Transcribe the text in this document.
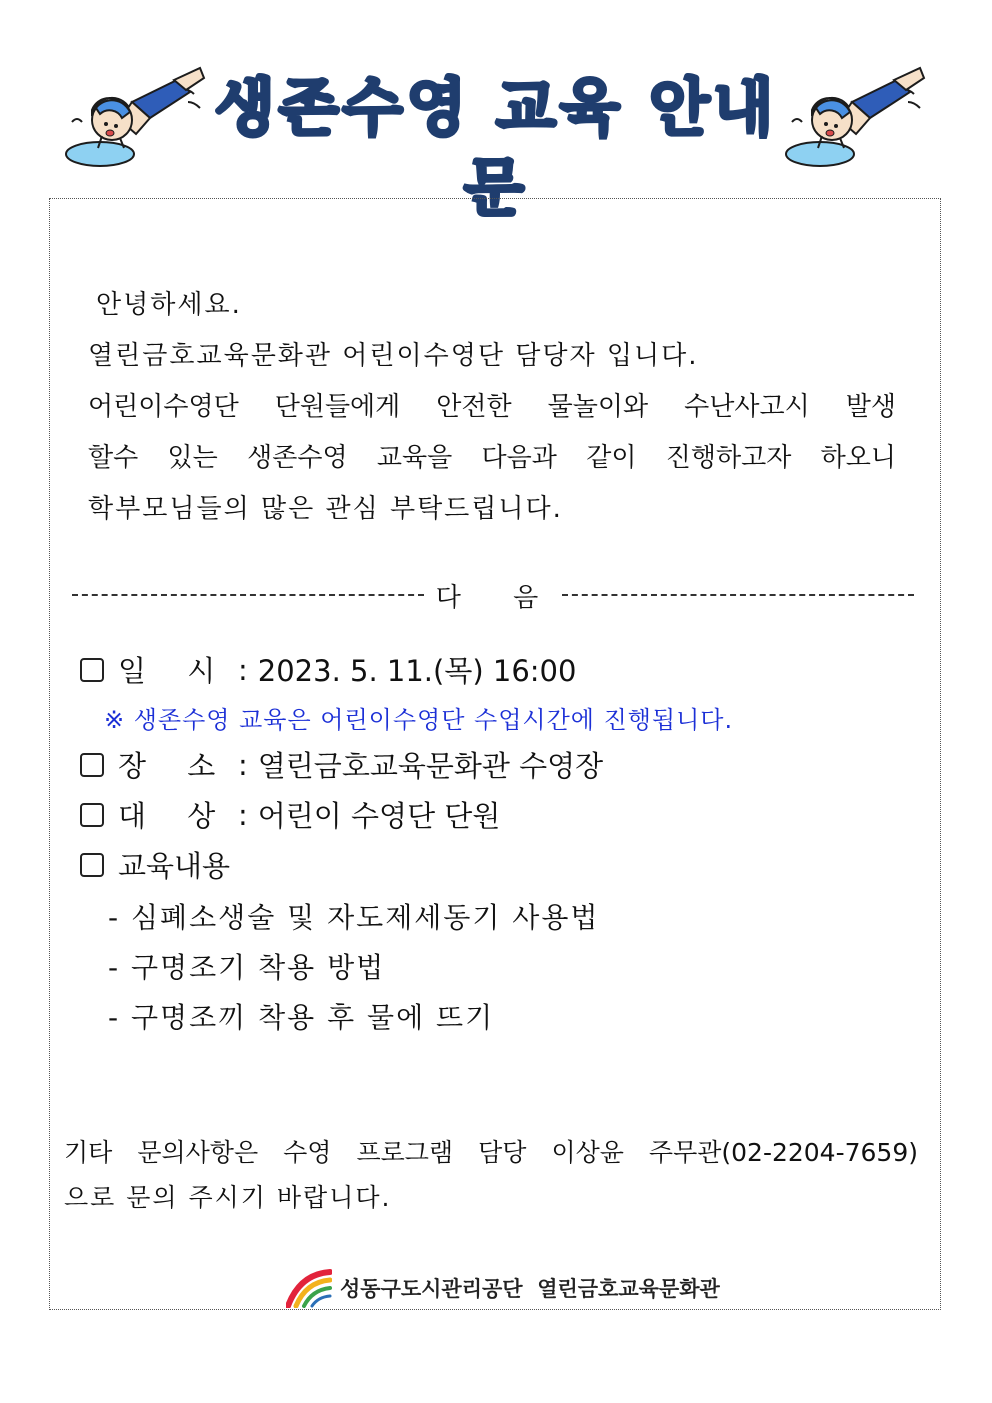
생존수영 교육 안내문
안녕하세요.
열린금호교육문화관 어린이수영단 담당자 입니다.
어린이수영단 단원들에게 안전한 물놀이와 수난사고시 발생
할수 있는 생존수영 교육을 다음과 같이 진행하고자 하오니
학부모님들의 많은 관심 부탁드립니다.
다 음
일 시 : 2023. 5. 11.(목) 16:00
※ 생존수영 교육은 어린이수영단 수업시간에 진행됩니다.
장 소 : 열린금호교육문화관 수영장
대 상 : 어린이 수영단 단원
교육내용
- 심폐소생술 및 자도제세동기 사용법
- 구명조기 착용 방법
- 구명조끼 착용 후 물에 뜨기
기타 문의사항은 수영 프로그램 담당 이상윤 주무관(02-2204-7659)
으로 문의 주시기 바랍니다.
성동구도시관리공단  열린금호교육문화관
